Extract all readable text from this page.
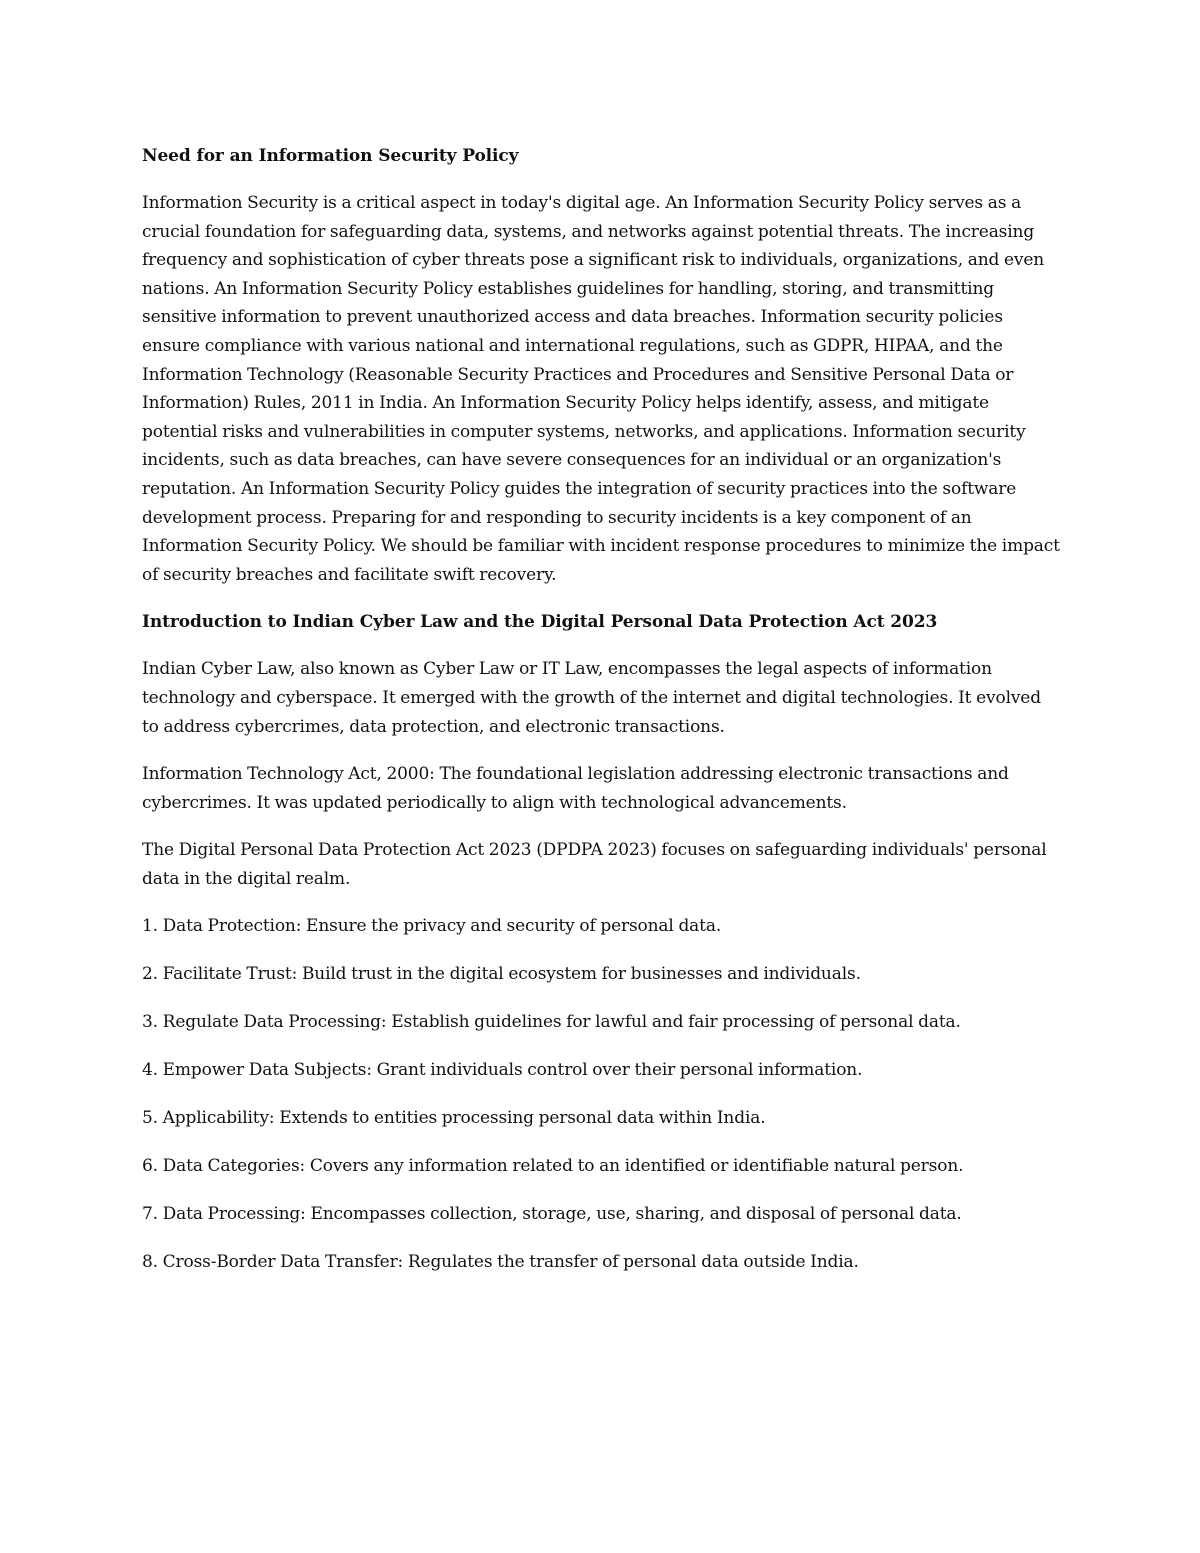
Need for an Information Security Policy
Information Security is a critical aspect in today's digital age. An Information Security Policy serves as a crucial foundation for safeguarding data, systems, and networks against potential threats. The increasing frequency and sophistication of cyber threats pose a significant risk to individuals, organizations, and even nations. An Information Security Policy establishes guidelines for handling, storing, and transmitting sensitive information to prevent unauthorized access and data breaches. Information security policies ensure compliance with various national and international regulations, such as GDPR, HIPAA, and the Information Technology (Reasonable Security Practices and Procedures and Sensitive Personal Data or Information) Rules, 2011 in India. An Information Security Policy helps identify, assess, and mitigate potential risks and vulnerabilities in computer systems, networks, and applications. Information security incidents, such as data breaches, can have severe consequences for an individual or an organization's reputation. An Information Security Policy guides the integration of security practices into the software development process. Preparing for and responding to security incidents is a key component of an Information Security Policy. We should be familiar with incident response procedures to minimize the impact of security breaches and facilitate swift recovery.
Introduction to Indian Cyber Law and the Digital Personal Data Protection Act 2023
Indian Cyber Law, also known as Cyber Law or IT Law, encompasses the legal aspects of information technology and cyberspace. It emerged with the growth of the internet and digital technologies. It evolved to address cybercrimes, data protection, and electronic transactions.
Information Technology Act, 2000: The foundational legislation addressing electronic transactions and cybercrimes. It was updated periodically to align with technological advancements.
The Digital Personal Data Protection Act 2023 (DPDPA 2023) focuses on safeguarding individuals' personal data in the digital realm.
1. Data Protection: Ensure the privacy and security of personal data.
2. Facilitate Trust: Build trust in the digital ecosystem for businesses and individuals.
3. Regulate Data Processing: Establish guidelines for lawful and fair processing of personal data.
4. Empower Data Subjects: Grant individuals control over their personal information.
5. Applicability: Extends to entities processing personal data within India.
6. Data Categories: Covers any information related to an identified or identifiable natural person.
7. Data Processing: Encompasses collection, storage, use, sharing, and disposal of personal data.
8. Cross-Border Data Transfer: Regulates the transfer of personal data outside India.
